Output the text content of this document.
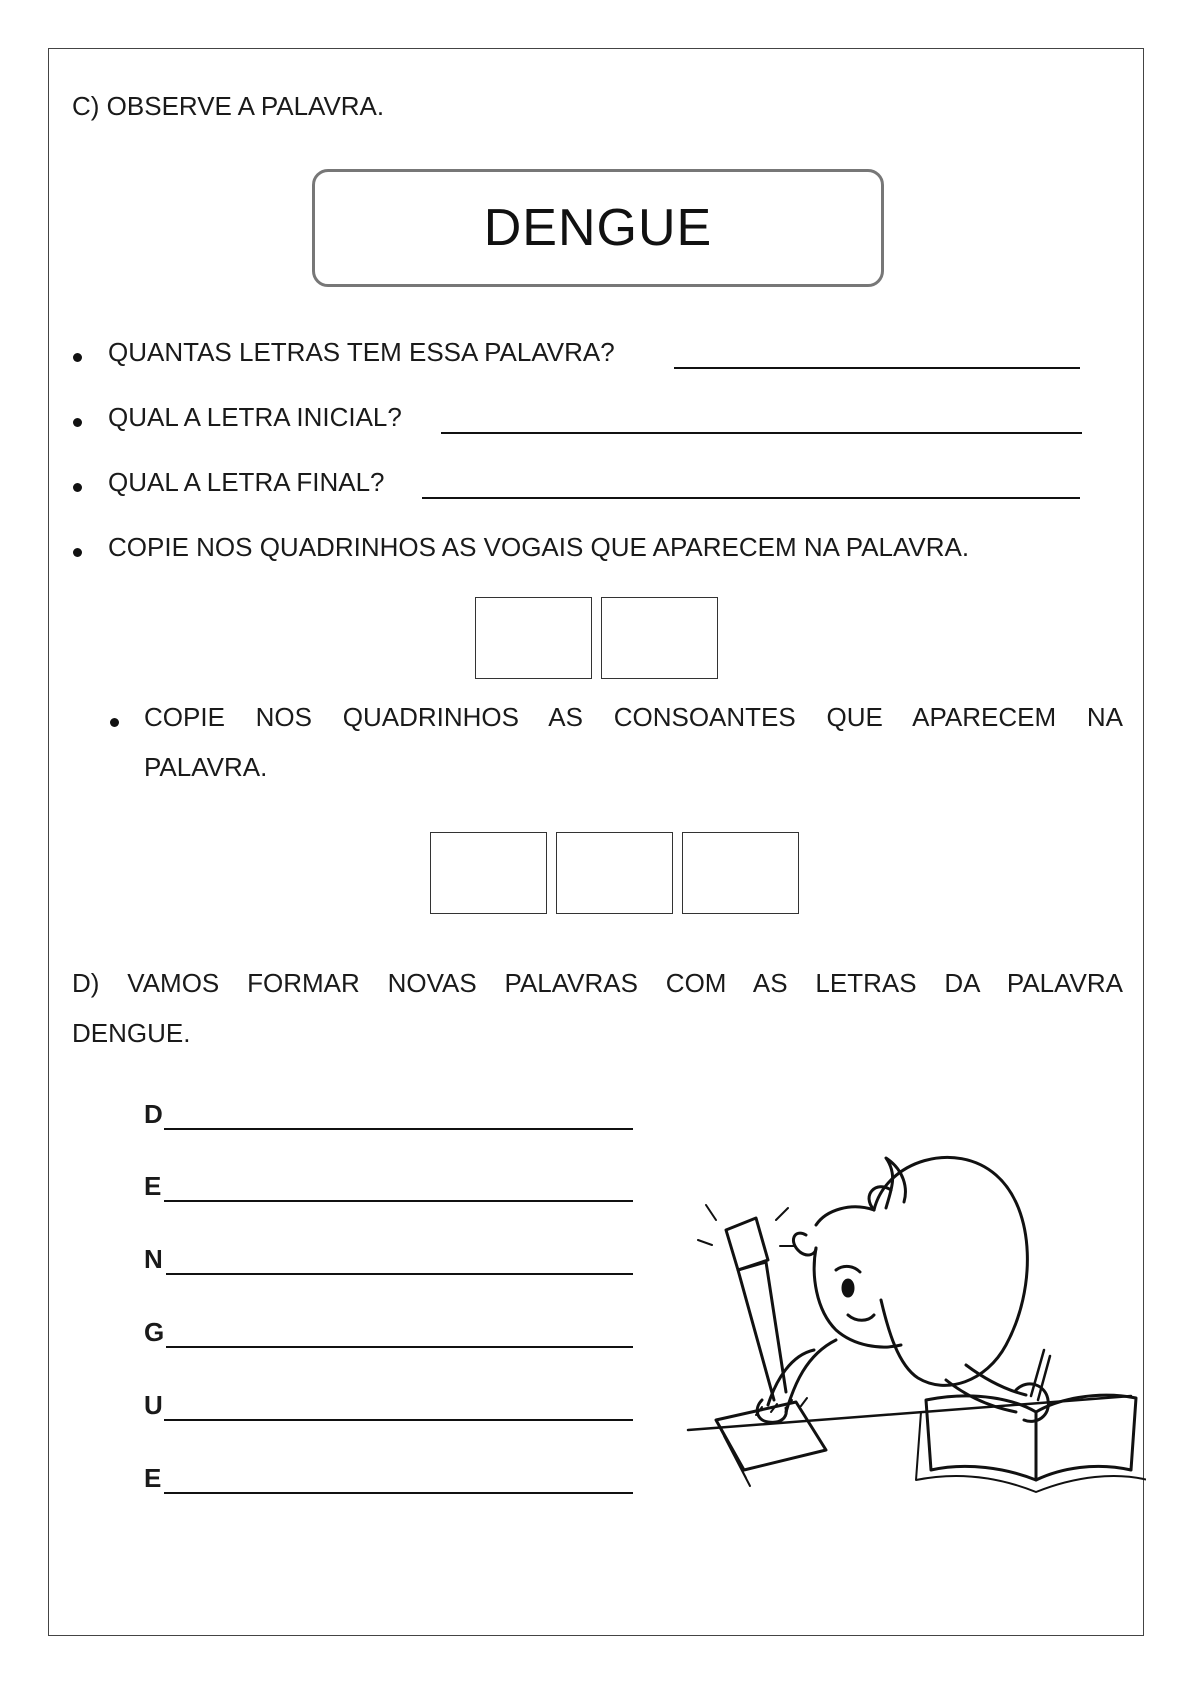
C) OBSERVE A PALAVRA.
DENGUE
QUANTAS LETRAS TEM ESSA PALAVRA?
QUAL A LETRA INICIAL?
QUAL A LETRA FINAL?
COPIE NOS QUADRINHOS AS VOGAIS QUE APARECEM NA PALAVRA.
COPIE NOS QUADRINHOS AS CONSOANTES QUE APARECEM NA
PALAVRA.
D) VAMOS FORMAR NOVAS PALAVRAS COM AS LETRAS DA PALAVRA
DENGUE.
D
E
N
G
U
E
